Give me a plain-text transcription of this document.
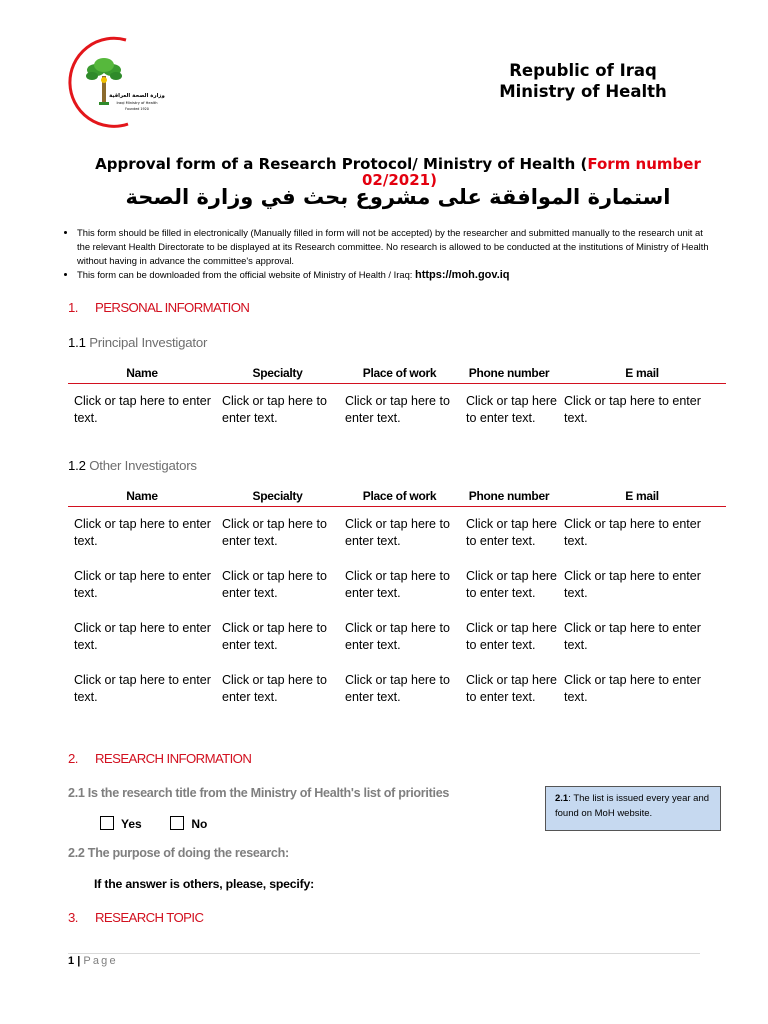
وزارة الصحة العراقية
Iraqi Ministry of Health
Founded 1920
Republic of Iraq
Ministry of Health
Approval form of a Research Protocol/ Ministry of Health (Form number
02/2021)
استمارة الموافقة على مشروع بحث في وزارة الصحة
• This form should be filled in electronically (Manually filled in form will not be accepted) by the researcher and submitted manually to the research unit at the relevant Health Directorate to be displayed at its Research committee. No research is allowed to be conducted at the institutions of Ministry of Health without having in advance the committee's approval.
• This form can be downloaded from the official website of Ministry of Health / Iraq: https://moh.gov.iq
1. PERSONAL INFORMATION
1.1 Principal Investigator
Name	Specialty	Place of work	Phone number	E mail
Click or tap here to enter text.	Click or tap here to enter text.	Click or tap here to enter text.	Click or tap here to enter text.	Click or tap here to enter text.
1.2 Other Investigators
Name	Specialty	Place of work	Phone number	E mail
Click or tap here to enter text.	Click or tap here to enter text.	Click or tap here to enter text.	Click or tap here to enter text.	Click or tap here to enter text.
Click or tap here to enter text.	Click or tap here to enter text.	Click or tap here to enter text.	Click or tap here to enter text.	Click or tap here to enter text.
Click or tap here to enter text.	Click or tap here to enter text.	Click or tap here to enter text.	Click or tap here to enter text.	Click or tap here to enter text.
Click or tap here to enter text.	Click or tap here to enter text.	Click or tap here to enter text.	Click or tap here to enter text.	Click or tap here to enter text.
2. RESEARCH INFORMATION
2.1 Is the research title from the Ministry of Health's list of priorities
Yes	No
2.1: The list is issued every year and found on MoH website.
2.2 The purpose of doing the research:
If the answer is others, please, specify:
3. RESEARCH TOPIC
1 | Page
